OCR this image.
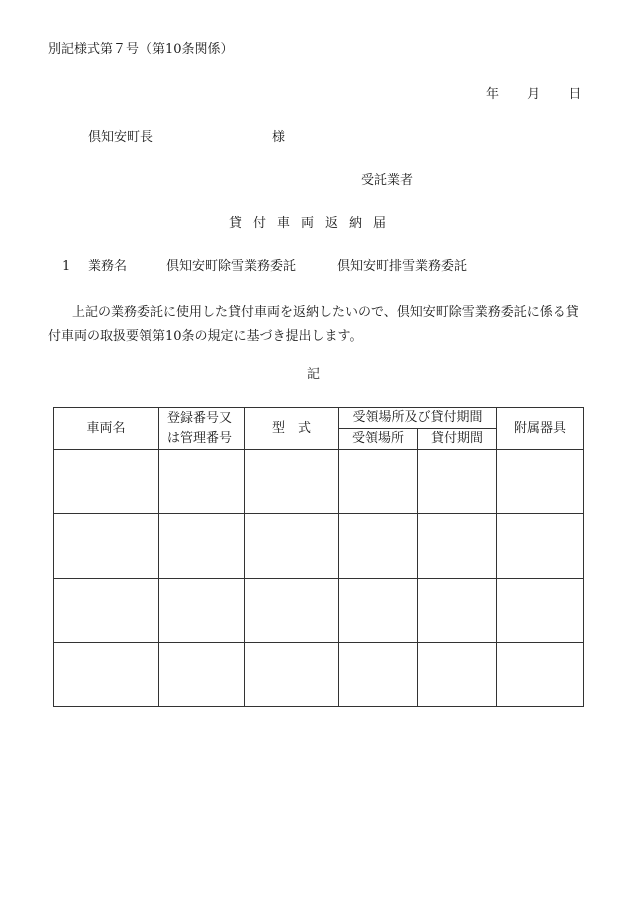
別記様式第７号（第10条関係）
年 月 日
倶知安町長	様
受託業者
貸付車両返納届
1 業務名	倶知安町除雪業務委託	倶知安町排雪業務委託
上記の業務委託に使用した貸付車両を返納したいので、倶知安町除雪業務委託に係る貸付車両の取扱要領第10条の規定に基づき提出します。
記
車両名	登録番号又は管理番号	型　式	受領場所及び貸付期間		附属器具
			受領場所	貸付期間	
